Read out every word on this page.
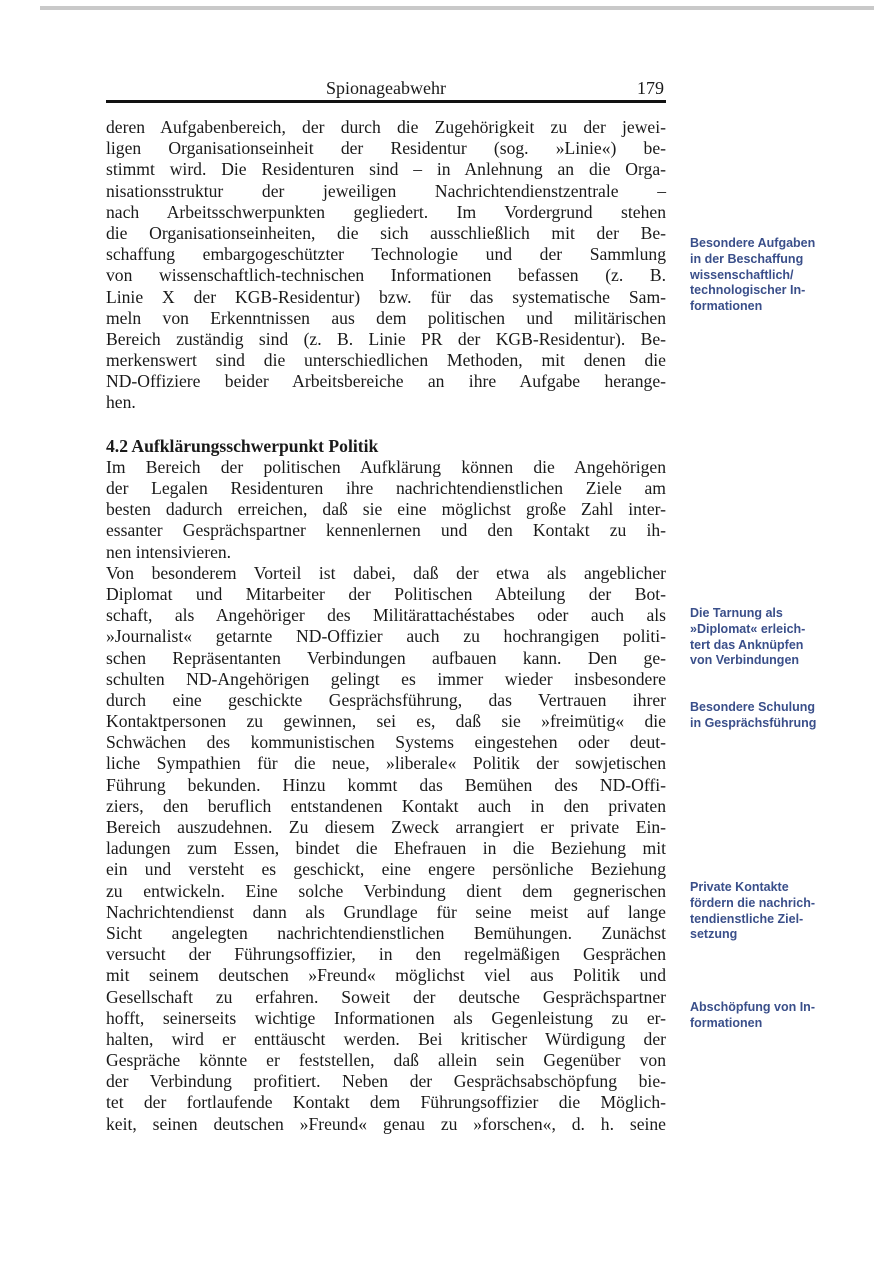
Spionageabwehr	179
deren Aufgabenbereich, der durch die Zugehörigkeit zu der jewei-
ligen Organisationseinheit der Residentur (sog. »Linie«) be-
stimmt wird. Die Residenturen sind – in Anlehnung an die Orga-
nisationsstruktur der jeweiligen Nachrichtendienstzentrale –
nach Arbeitsschwerpunkten gegliedert. Im Vordergrund stehen
die Organisationseinheiten, die sich ausschließlich mit der Be-
schaffung embargogeschützter Technologie und der Sammlung
von wissenschaftlich-technischen Informationen befassen (z. B.
Linie X der KGB-Residentur) bzw. für das systematische Sam-
meln von Erkenntnissen aus dem politischen und militärischen
Bereich zuständig sind (z. B. Linie PR der KGB-Residentur). Be-
merkenswert sind die unterschiedlichen Methoden, mit denen die
ND-Offiziere beider Arbeitsbereiche an ihre Aufgabe herange-
hen.
4.2 Aufklärungsschwerpunkt Politik
Im Bereich der politischen Aufklärung können die Angehörigen
der Legalen Residenturen ihre nachrichtendienstlichen Ziele am
besten dadurch erreichen, daß sie eine möglichst große Zahl inter-
essanter Gesprächspartner kennenlernen und den Kontakt zu ih-
nen intensivieren.
Von besonderem Vorteil ist dabei, daß der etwa als angeblicher
Diplomat und Mitarbeiter der Politischen Abteilung der Bot-
schaft, als Angehöriger des Militärattachéstabes oder auch als
»Journalist« getarnte ND-Offizier auch zu hochrangigen politi-
schen Repräsentanten Verbindungen aufbauen kann. Den ge-
schulten ND-Angehörigen gelingt es immer wieder insbesondere
durch eine geschickte Gesprächsführung, das Vertrauen ihrer
Kontaktpersonen zu gewinnen, sei es, daß sie »freimütig« die
Schwächen des kommunistischen Systems eingestehen oder deut-
liche Sympathien für die neue, »liberale« Politik der sowjetischen
Führung bekunden. Hinzu kommt das Bemühen des ND-Offi-
ziers, den beruflich entstandenen Kontakt auch in den privaten
Bereich auszudehnen. Zu diesem Zweck arrangiert er private Ein-
ladungen zum Essen, bindet die Ehefrauen in die Beziehung mit
ein und versteht es geschickt, eine engere persönliche Beziehung
zu entwickeln. Eine solche Verbindung dient dem gegnerischen
Nachrichtendienst dann als Grundlage für seine meist auf lange
Sicht angelegten nachrichtendienstlichen Bemühungen. Zunächst
versucht der Führungsoffizier, in den regelmäßigen Gesprächen
mit seinem deutschen »Freund« möglichst viel aus Politik und
Gesellschaft zu erfahren. Soweit der deutsche Gesprächspartner
hofft, seinerseits wichtige Informationen als Gegenleistung zu er-
halten, wird er enttäuscht werden. Bei kritischer Würdigung der
Gespräche könnte er feststellen, daß allein sein Gegenüber von
der Verbindung profitiert. Neben der Gesprächsabschöpfung bie-
tet der fortlaufende Kontakt dem Führungsoffizier die Möglich-
keit, seinen deutschen »Freund« genau zu »forschen«, d. h. seine
Besondere Aufgaben
in der Beschaffung
wissenschaftlich/
technologischer In-
formationen
Die Tarnung als
»Diplomat« erleich-
tert das Anknüpfen
von Verbindungen
Besondere Schulung
in Gesprächsführung
Private Kontakte
fördern die nachrich-
tendienstliche Ziel-
setzung
Abschöpfung von In-
formationen
